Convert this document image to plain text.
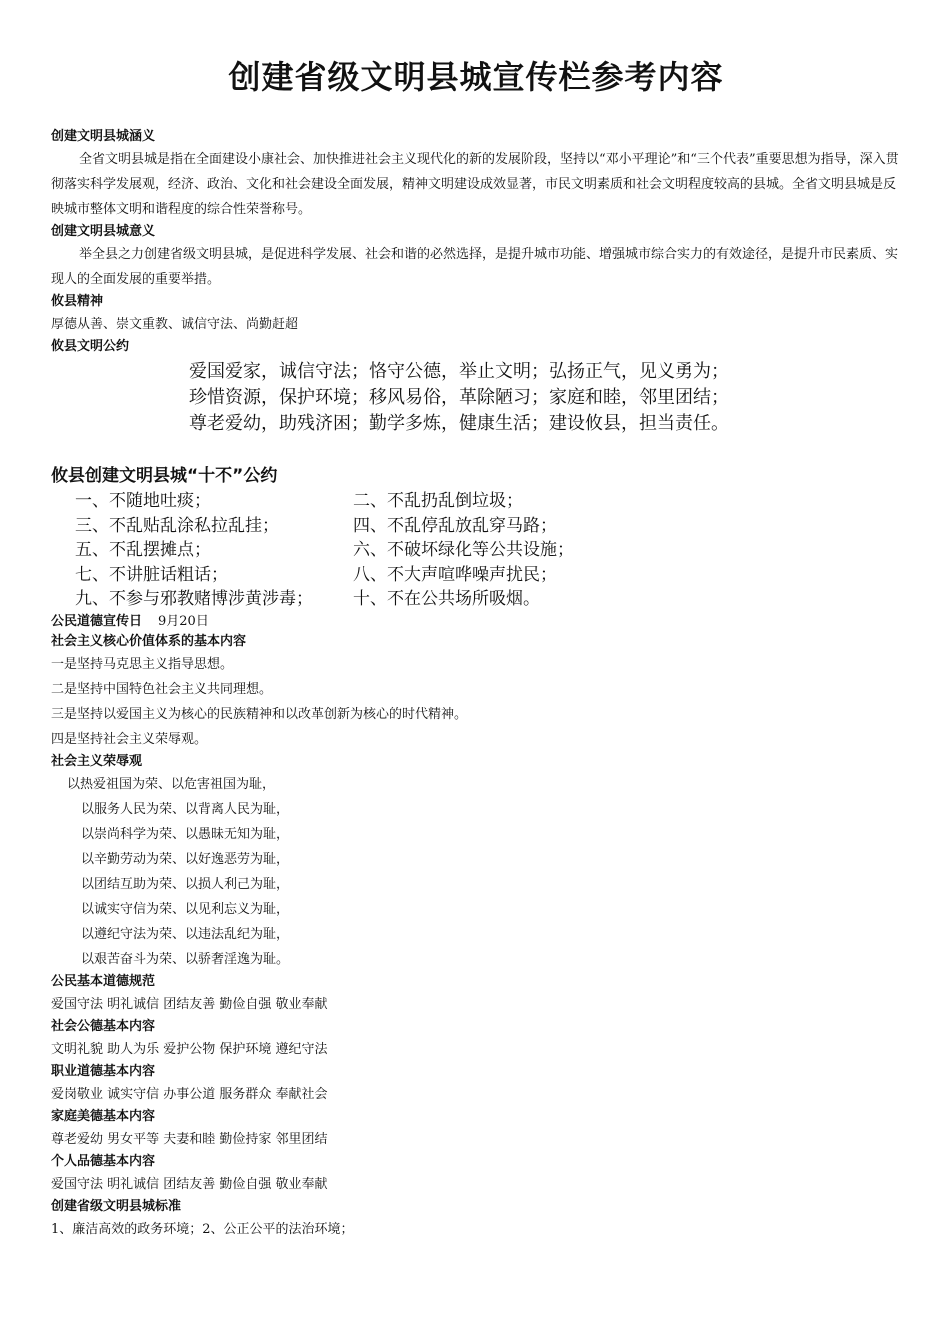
创建省级文明县城宣传栏参考内容

创建文明县城涵义

全省文明县城是指在全面建设小康社会、加快推进社会主义现代化的新的发展阶段，坚持以“邓小平理论”和“三个代表”重要思想为指导，深入贯彻落实科学发展观，经济、政治、文化和社会建设全面发展，精神文明建设成效显著，市民文明素质和社会文明程度较高的县城。全省文明县城是反映城市整体文明和谐程度的综合性荣誉称号。

创建文明县城意义

举全县之力创建省级文明县城，是促进科学发展、社会和谐的必然选择，是提升城市功能、增强城市综合实力的有效途径，是提升市民素质、实现人的全面发展的重要举措。

攸县精神

厚德从善、崇文重教、诚信守法、尚勤赶超

攸县文明公约

爱国爱家，诚信守法；恪守公德，举止文明；弘扬正气，见义勇为；
珍惜资源，保护环境；移风易俗，革除陋习；家庭和睦，邻里团结；
尊老爱幼，助残济困；勤学多炼，健康生活；建设攸县，担当责任。

攸县创建文明县城“十不”公约

一、不随地吐痰；	二、不乱扔乱倒垃圾；
三、不乱贴乱涂私拉乱挂；	四、不乱停乱放乱穿马路；
五、不乱摆摊点；	六、不破坏绿化等公共设施；
七、不讲脏话粗话；	八、不大声喧哗噪声扰民；
九、不参与邪教赌博涉黄涉毒；	十、不在公共场所吸烟。

公民道德宣传日 9月20日

社会主义核心价值体系的基本内容

一是坚持马克思主义指导思想。

二是坚持中国特色社会主义共同理想。

三是坚持以爱国主义为核心的民族精神和以改革创新为核心的时代精神。

四是坚持社会主义荣辱观。

社会主义荣辱观

以热爱祖国为荣、以危害祖国为耻，

以服务人民为荣、以背离人民为耻，

以崇尚科学为荣、以愚昧无知为耻，

以辛勤劳动为荣、以好逸恶劳为耻，

以团结互助为荣、以损人利己为耻，

以诚实守信为荣、以见利忘义为耻，

以遵纪守法为荣、以违法乱纪为耻，

以艰苦奋斗为荣、以骄奢淫逸为耻。

公民基本道德规范

爱国守法 明礼诚信 团结友善 勤俭自强 敬业奉献

社会公德基本内容

文明礼貌 助人为乐 爱护公物 保护环境 遵纪守法

职业道德基本内容

爱岗敬业 诚实守信 办事公道 服务群众 奉献社会

家庭美德基本内容

尊老爱幼 男女平等 夫妻和睦 勤俭持家 邻里团结

个人品德基本内容

爱国守法 明礼诚信 团结友善 勤俭自强 敬业奉献

创建省级文明县城标准

1、廉洁高效的政务环境；2、公正公平的法治环境；
